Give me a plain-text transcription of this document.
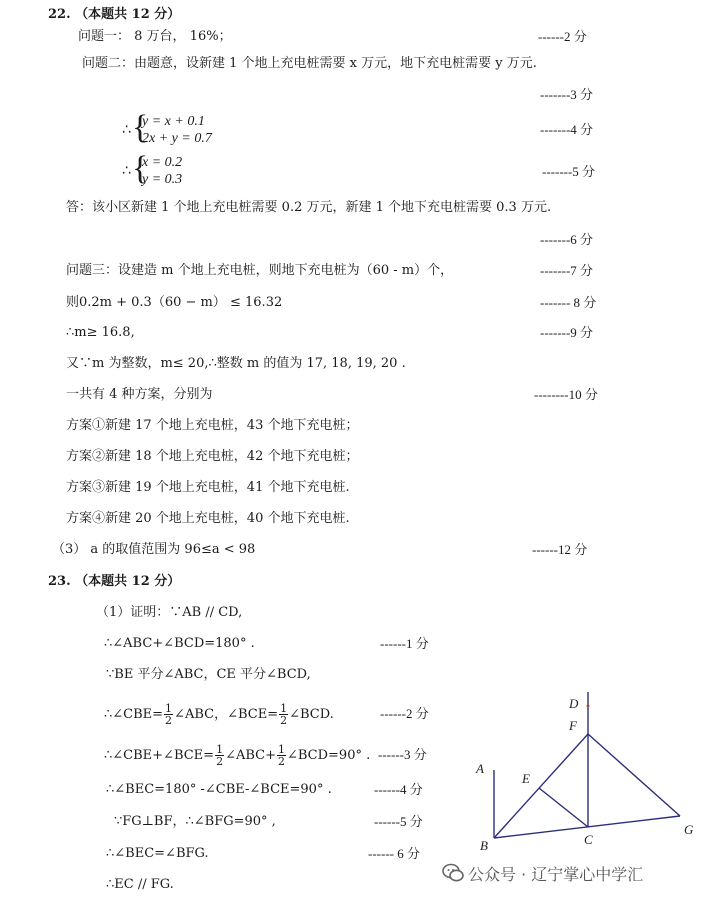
22. （本题共 12 分）
问题一： 8 万台， 16%；	------2 分
问题二：由题意，设新建 1 个地上充电桩需要 x 万元，地下充电桩需要 y 万元.
-------3 分
∴ {
y = x + 0.1
2x + y = 0.7
-------4 分
∴ {
x = 0.2
y = 0.3
-------5 分
答：该小区新建 1 个地上充电桩需要 0.2 万元，新建 1 个地下充电桩需要 0.3 万元.
-------6 分
问题三：设建造 m 个地上充电桩，则地下充电桩为（60 - m）个，	-------7 分
则0.2m + 0.3（60 − m） ≤ 16.32	------- 8 分
∴m≥ 16.8,	-------9 分
又∵m 为整数，m≤ 20,∴整数 m 的值为 17, 18, 19, 20 .
一共有 4 种方案，分别为	--------10 分
方案①新建 17 个地上充电桩，43 个地下充电桩；
方案②新建 18 个地上充电桩，42 个地下充电桩；
方案③新建 19 个地上充电桩，41 个地下充电桩.
方案④新建 20 个地上充电桩，40 个地下充电桩.
（3） a 的取值范围为 96≤a < 98	------12 分
23. （本题共 12 分）
（1）证明：∵AB // CD,
∴∠ABC+∠BCD=180° .	------1 分
∵BE 平分∠ABC，CE 平分∠BCD,
∴∠CBE= $\frac{1}{2}$ ∠ABC，∠BCE= $\frac{1}{2}$ ∠BCD.	------2 分
∴∠CBE+∠BCE= $\frac{1}{2}$ ∠ABC+ $\frac{1}{2}$ ∠BCD=90° . ------3 分
∴∠BEC=180° -∠CBE-∠BCE=90° .	------4 分
∵FG⊥BF，∴∠BFG=90° ,	------5 分
∴∠BEC=∠BFG.	------ 6 分
∴EC // FG.
A
B	C
D
E
F
G
公众号 · 辽宁掌心中学汇
